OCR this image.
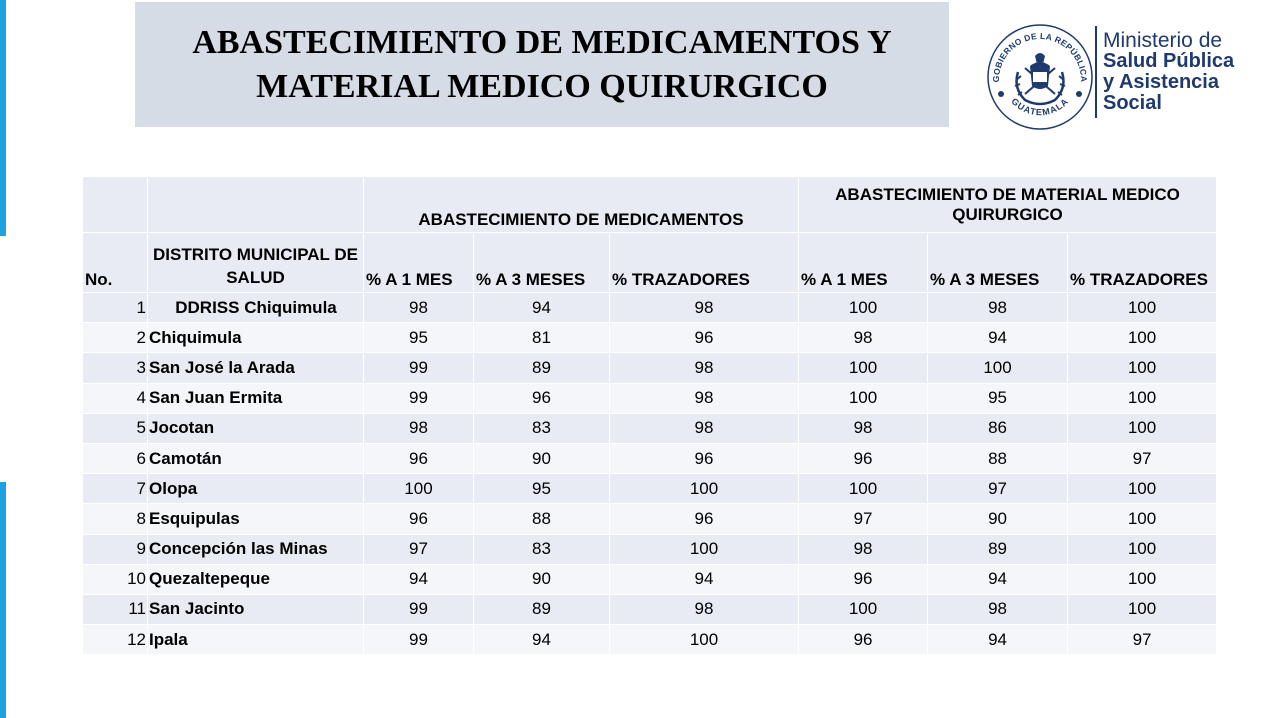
ABASTECIMIENTO DE MEDICAMENTOS Y
MATERIAL MEDICO QUIRURGICO	GOBIERNO DE LA REPÚBLICA
GUATEMALA
Ministerio de
Salud Pública
y Asistencia
Social
		ABASTECIMIENTO DE MEDICAMENTOS			ABASTECIMIENTO DE MATERIAL MEDICO QUIRURGICO		
No.	DISTRITO MUNICIPAL DE SALUD	% A 1 MES	% A 3 MESES	% TRAZADORES	% A 1 MES	% A 3 MESES	% TRAZADORES
1	DDRISS Chiquimula	98	94	98	100	98	100
2	Chiquimula	95	81	96	98	94	100
3	San José la Arada	99	89	98	100	100	100
4	San Juan Ermita	99	96	98	100	95	100
5	Jocotan	98	83	98	98	86	100
6	Camotán	96	90	96	96	88	97
7	Olopa	100	95	100	100	97	100
8	Esquipulas	96	88	96	97	90	100
9	Concepción las Minas	97	83	100	98	89	100
10	Quezaltepeque	94	90	94	96	94	100
11	San Jacinto	99	89	98	100	98	100
12	Ipala	99	94	100	96	94	97
